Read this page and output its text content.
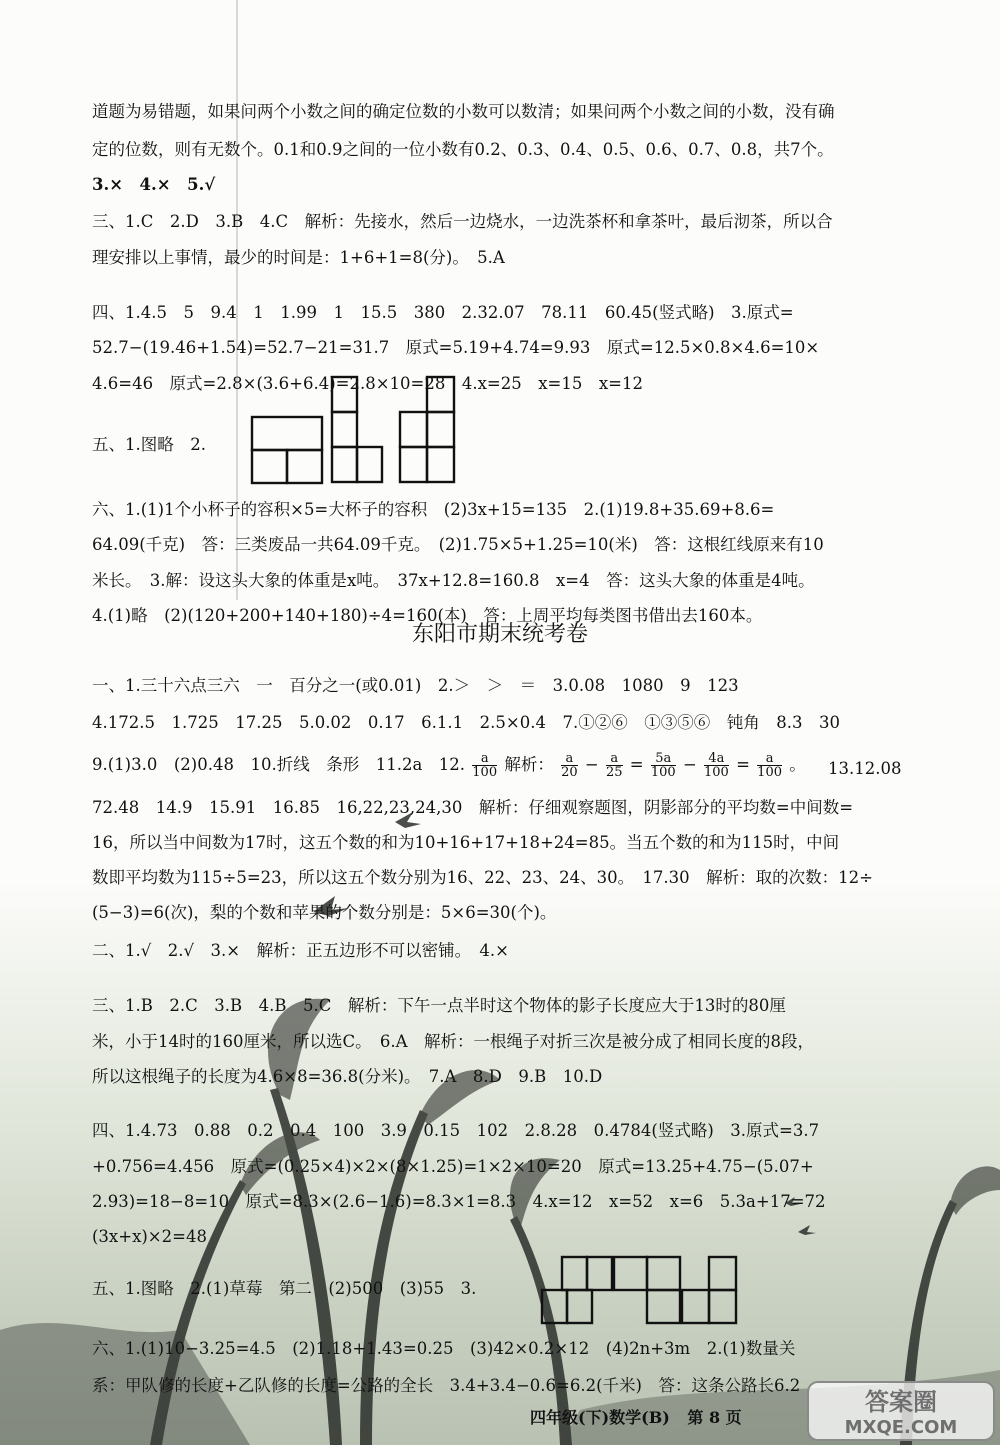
道题为易错题，如果问两个小数之间的确定位数的小数可以数清；如果问两个小数之间的小数，没有确
定的位数，则有无数个。0.1和0.9之间的一位小数有0.2、0.3、0.4、0.5、0.6、0.7、0.8，共7个。
3.×　4.×　5.√
三、1.C　2.D　3.B　4.C　解析：先接水，然后一边烧水，一边洗茶杯和拿茶叶，最后沏茶，所以合
理安排以上事情，最少的时间是：1+6+1=8(分)。　5.A
四、1.4.5　5　9.4　1　1.99　1　15.5　380　2.32.07　78.11　60.45(竖式略)　3.原式=
52.7−(19.46+1.54)=52.7−21=31.7　原式=5.19+4.74=9.93　原式=12.5×0.8×4.6=10×
4.6=46　原式=2.8×(3.6+6.4)=2.8×10=28　4.x=25　x=15　x=12
五、1.图略　2.
六、1.(1)1个小杯子的容积×5=大杯子的容积　(2)3x+15=135　2.(1)19.8+35.69+8.6=
64.09(千克)　答：三类废品一共64.09千克。　(2)1.75×5+1.25=10(米)　答：这根红线原来有10
米长。　3.解：设这头大象的体重是x吨。　37x+12.8=160.8　x=4　答：这头大象的体重是4吨。
4.(1)略　(2)(120+200+140+180)÷4=160(本)　答：上周平均每类图书借出去160本。
东阳市期末统考卷
一、1.三十六点三六　一　百分之一(或0.01)　2.＞　＞　＝　3.0.08　1080　9　123
4.172.5　1.725　17.25　5.0.02　0.17　6.1.1　2.5×0.4　7.①②⑥　①③⑤⑥　钝角　8.3　30
9.(1)3.0　(2)0.48　10.折线　条形　11.2a　12. $\frac{a}{100}$ 解析： $\frac{a}{20} - \frac{a}{25} = \frac{5a}{100} - \frac{4a}{100} = \frac{a}{100}$ 。 13.12.08
72.48　14.9　15.91　16.85　16,22,23,24,30　解析：仔细观察题图，阴影部分的平均数=中间数=
16，所以当中间数为17时，这五个数的和为10+16+17+18+24=85。当五个数的和为115时，中间
数即平均数为115÷5=23，所以这五个数分别为16、22、23、24、30。　17.30　解析：取的次数：12÷
(5−3)=6(次)，梨的个数和苹果的个数分别是：5×6=30(个)。
二、1.√　2.√　3.×　解析：正五边形不可以密铺。　4.×
三、1.B　2.C　3.B　4.B　5.C　解析：下午一点半时这个物体的影子长度应大于13时的80厘
米，小于14时的160厘米，所以选C。　6.A　解析：一根绳子对折三次是被分成了相同长度的8段，
所以这根绳子的长度为4.6×8=36.8(分米)。　7.A　8.D　9.B　10.D
四、1.4.73　0.88　0.2　0.4　100　3.9　0.15　102　2.8.28　0.4784(竖式略)　3.原式=3.7
+0.756=4.456　原式=(0.25×4)×2×(8×1.25)=1×2×10=20　原式=13.25+4.75−(5.07+
2.93)=18−8=10　原式=8.3×(2.6−1.6)=8.3×1=8.3　4.x=12　x=52　x=6　5.3a+17=72
(3x+x)×2=48
五、1.图略　2.(1)草莓　第二　(2)500　(3)55　3.
六、1.(1)10−3.25=4.5　(2)1.18+1.43=0.25　(3)42×0.2×12　(4)2n+3m　2.(1)数量关
系：甲队修的长度+乙队修的长度=公路的全长　3.4+3.4−0.6=6.2(千米)　答：这条公路长6.2
四年级(下)数学(B) 第 8 页
答案圈
MXQE.COM
